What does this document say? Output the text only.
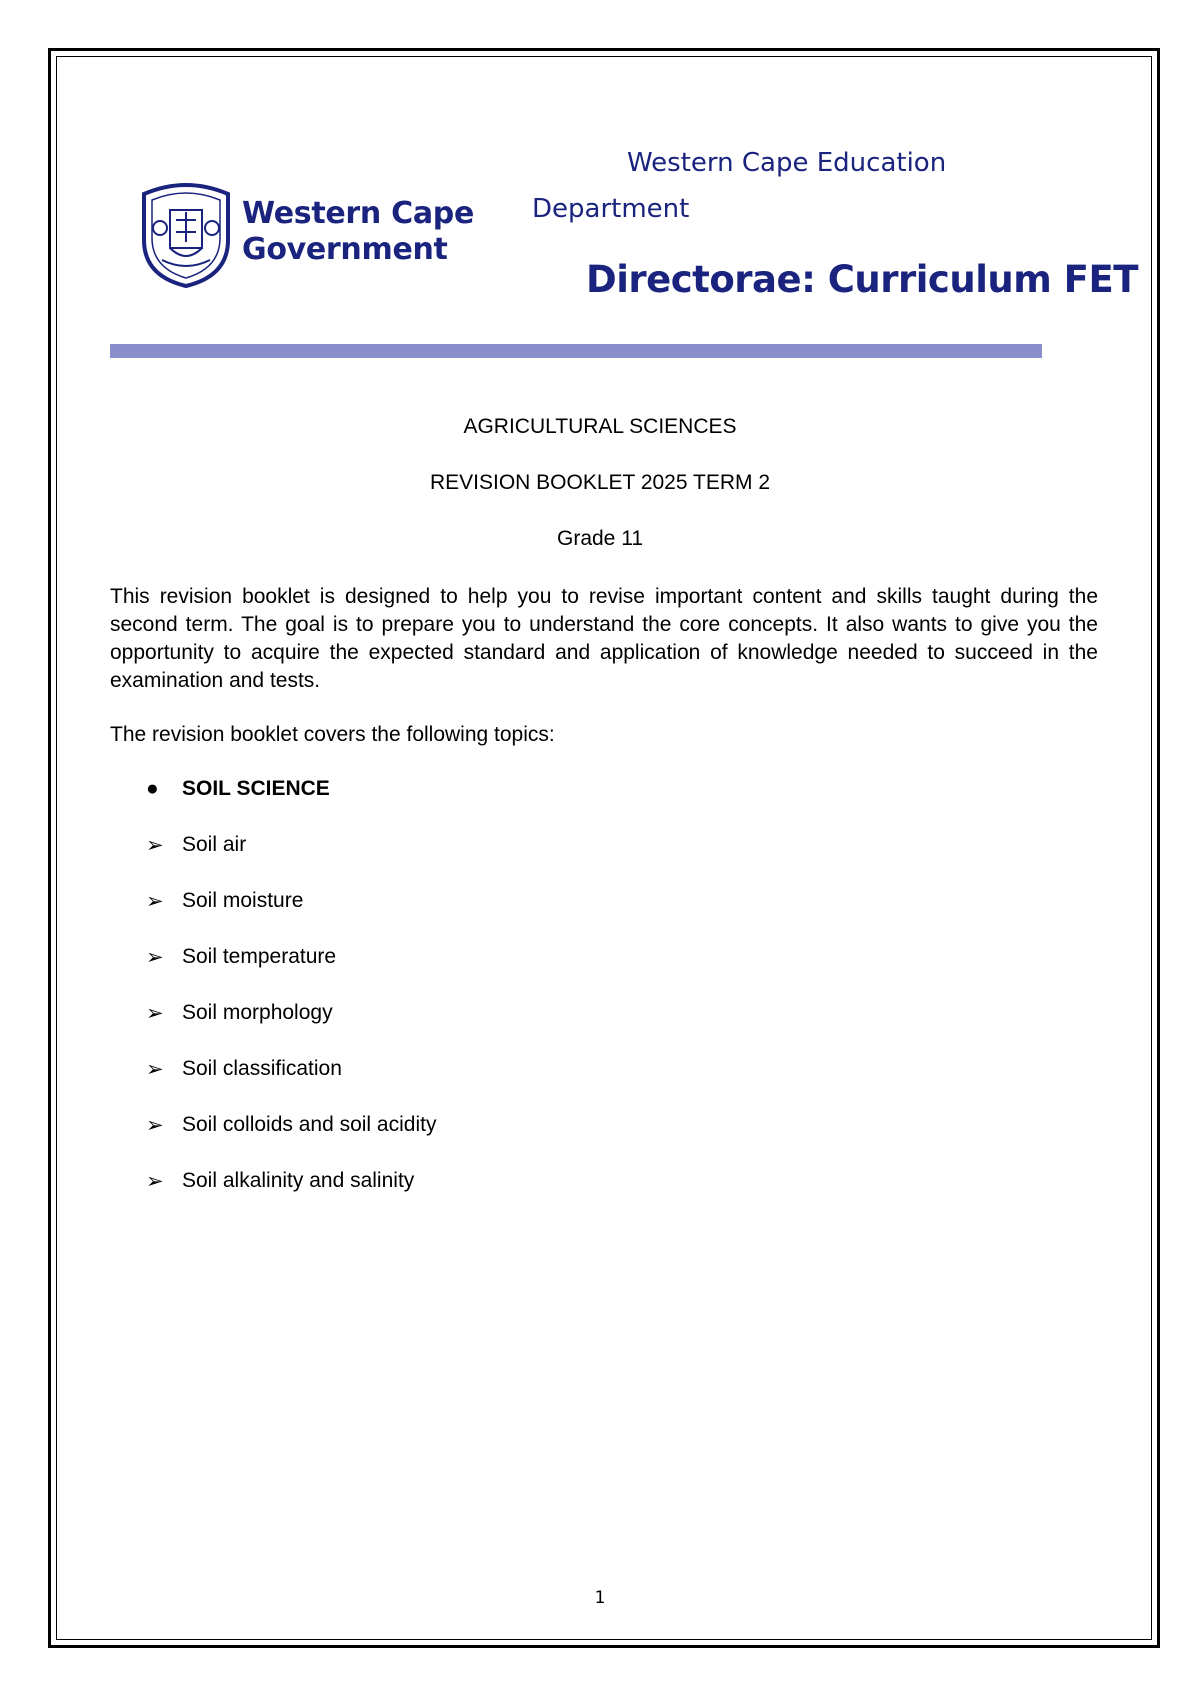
Western Cape
Government
Western Cape Education
Department
Directorae: Curriculum FET
AGRICULTURAL SCIENCES
REVISION BOOKLET 2025 TERM 2
Grade 11
This revision booklet is designed to help you to revise important content and skills taught during the second term. The goal is to prepare you to understand the core concepts. It also wants to give you the opportunity to acquire the expected standard and application of knowledge needed to succeed in the examination and tests.
The revision booklet covers the following topics:
●	SOIL SCIENCE
➢ Soil air
➢ Soil moisture
➢ Soil temperature
➢ Soil morphology
➢ Soil classification
➢ Soil colloids and soil acidity
➢ Soil alkalinity and salinity
1
